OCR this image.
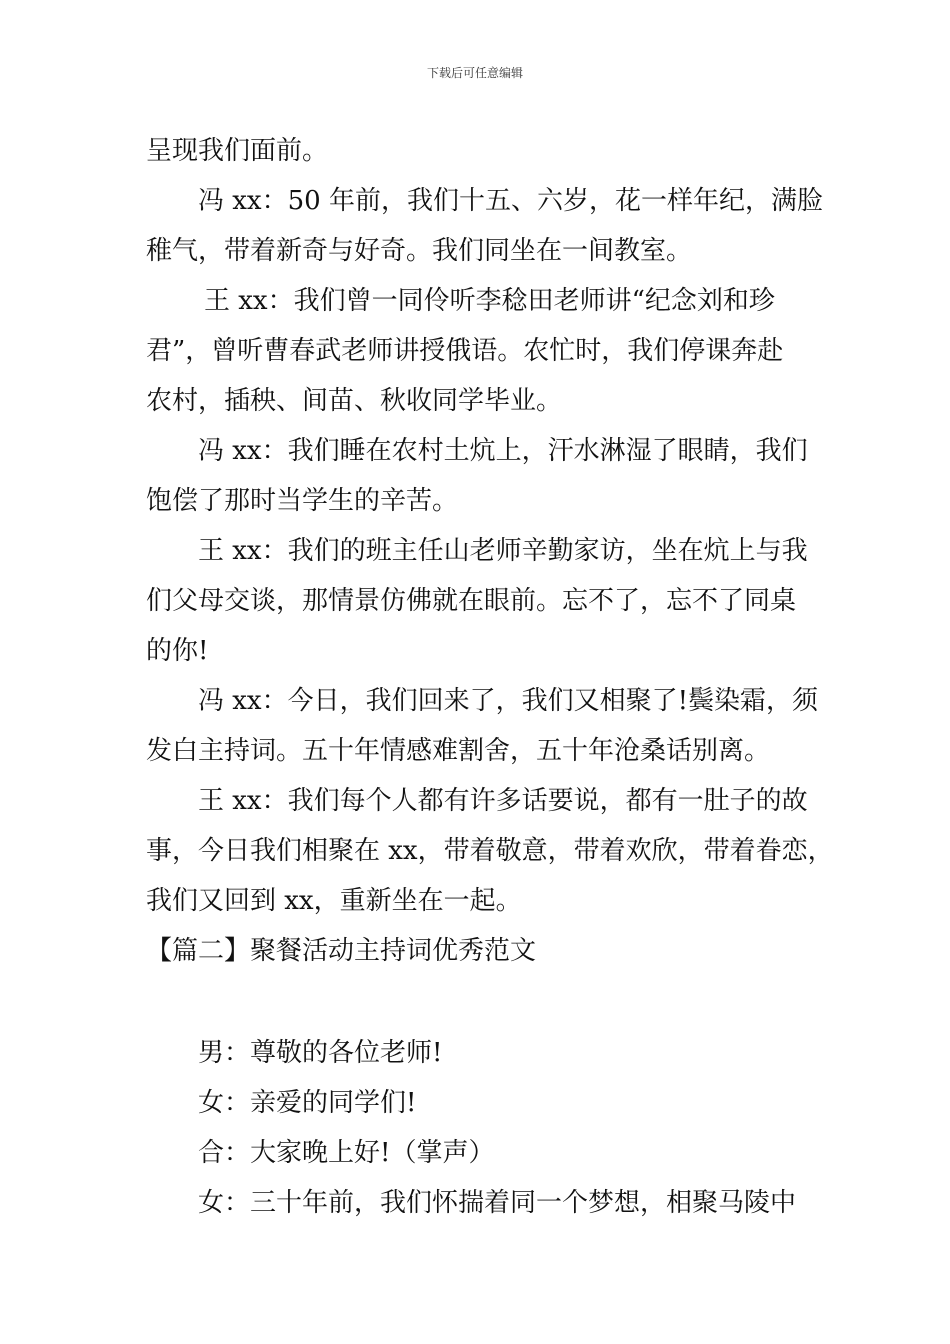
下载后可任意编辑
呈现我们面前。
冯 xx：50 年前，我们十五、六岁，花一样年纪，满脸
稚气，带着新奇与好奇。我们同坐在一间教室。
王 xx：我们曾一同伶听李稔田老师讲“纪念刘和珍
君”，曾听曹春武老师讲授俄语。农忙时，我们停课奔赴
农村，插秧、间苗、秋收同学毕业。
冯 xx：我们睡在农村土炕上，汗水淋湿了眼睛，我们
饱偿了那时当学生的辛苦。
王 xx：我们的班主任山老师辛勤家访，坐在炕上与我
们父母交谈，那情景仿佛就在眼前。忘不了，忘不了同桌
的你!
冯 xx：今日，我们回来了，我们又相聚了!鬓染霜，须
发白主持词。五十年情感难割舍，五十年沧桑话别离。
王 xx：我们每个人都有许多话要说，都有一肚子的故
事，今日我们相聚在 xx，带着敬意，带着欢欣，带着眷恋，
我们又回到 xx，重新坐在一起。
【篇二】聚餐活动主持词优秀范文
男：尊敬的各位老师!
女：亲爱的同学们!
合：大家晚上好!（掌声）
女：三十年前，我们怀揣着同一个梦想，相聚马陵中
